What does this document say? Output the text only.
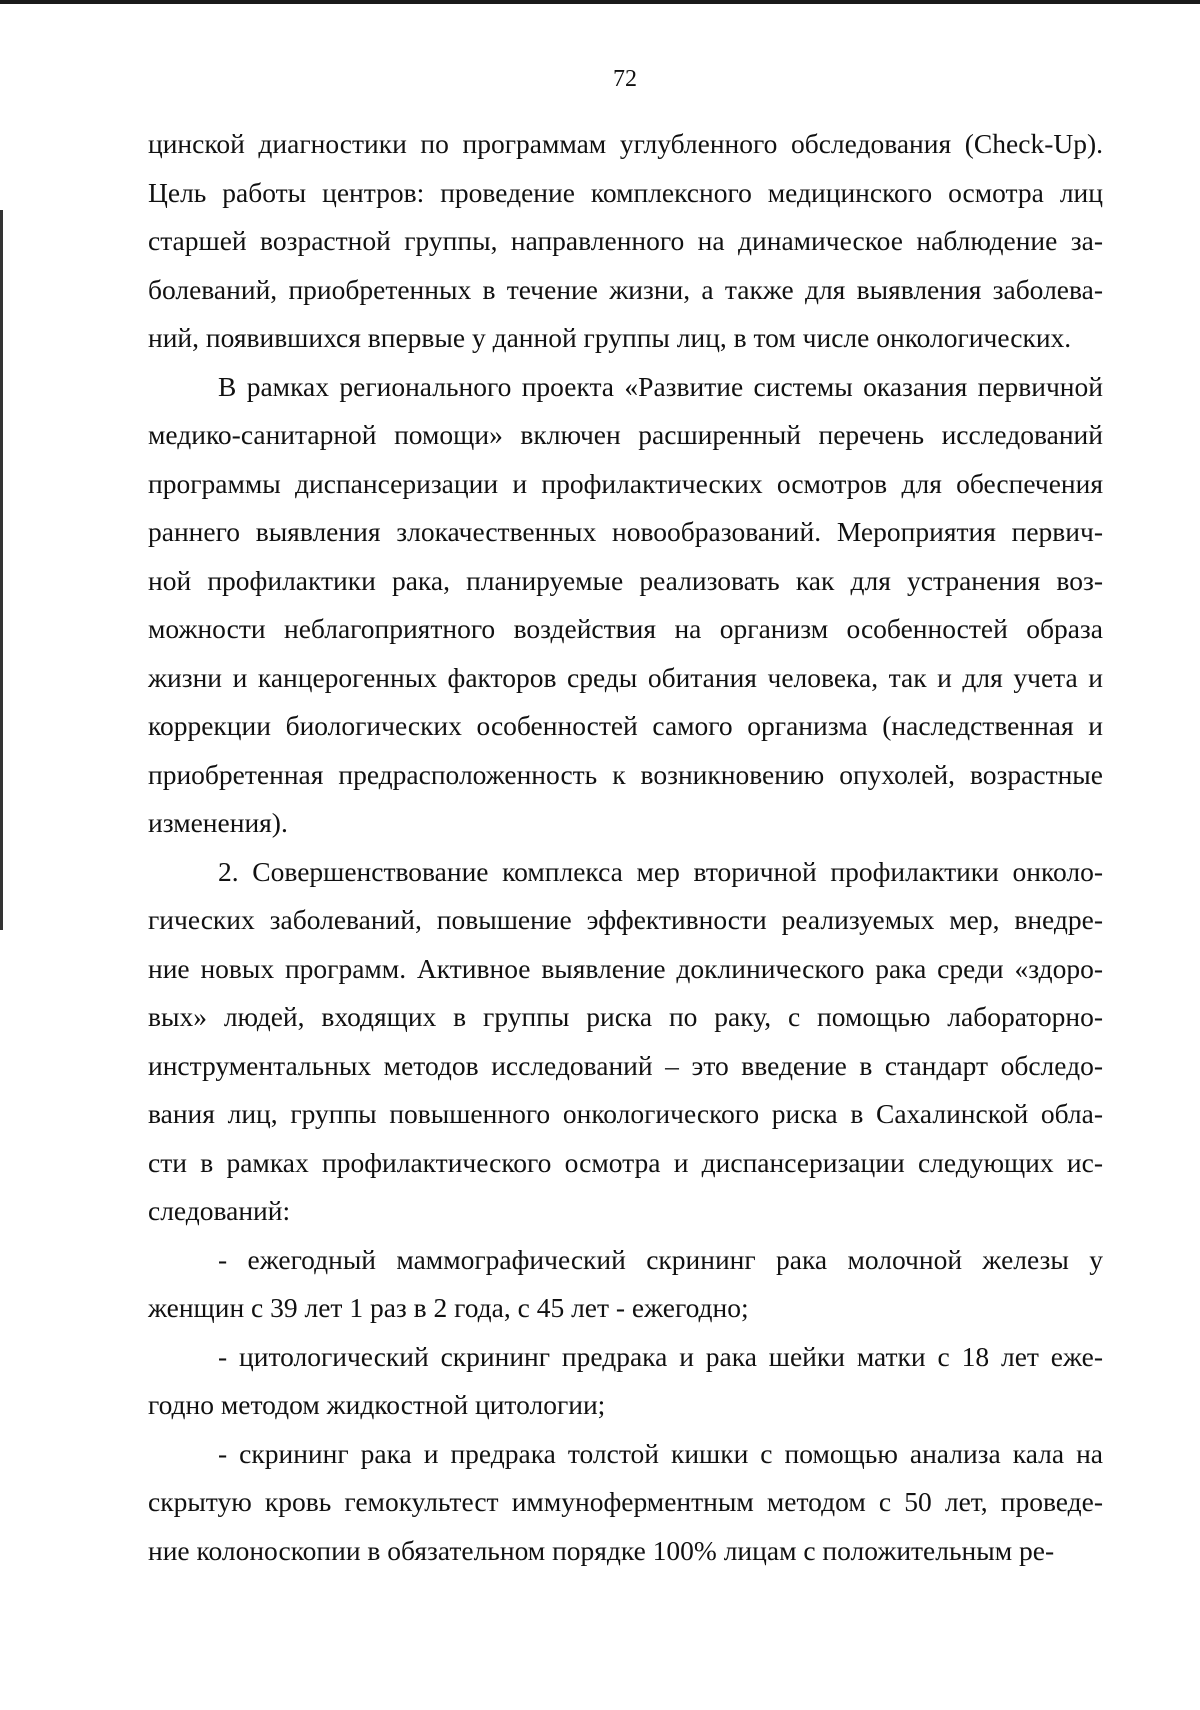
72
цинской диагностики по программам углубленного обследования (Check-Up).
Цель работы центров: проведение комплексного медицинского осмотра лиц
старшей возрастной группы, направленного на динамическое наблюдение за-
болеваний, приобретенных в течение жизни, а также для выявления заболева-
ний, появившихся впервые у данной группы лиц, в том числе онкологических.
В рамках регионального проекта «Развитие системы оказания первичной
медико-санитарной помощи» включен расширенный перечень исследований
программы диспансеризации и профилактических осмотров для обеспечения
раннего выявления злокачественных новообразований. Мероприятия первич-
ной профилактики рака, планируемые реализовать как для устранения воз-
можности неблагоприятного воздействия на организм особенностей образа
жизни и канцерогенных факторов среды обитания человека, так и для учета и
коррекции биологических особенностей самого организма (наследственная и
приобретенная предрасположенность к возникновению опухолей, возрастные
изменения).
2. Совершенствование комплекса мер вторичной профилактики онколо-
гических заболеваний, повышение эффективности реализуемых мер, внедре-
ние новых программ. Активное выявление доклинического рака среди «здоро-
вых» людей, входящих в группы риска по раку, с помощью лабораторно-
инструментальных методов исследований – это введение в стандарт обследо-
вания лиц, группы повышенного онкологического риска в Сахалинской обла-
сти в рамках профилактического осмотра и диспансеризации следующих ис-
следований:
- ежегодный маммографический скрининг рака молочной железы у
женщин с 39 лет 1 раз в 2 года, с 45 лет - ежегодно;
- цитологический скрининг предрака и рака шейки матки с 18 лет еже-
годно методом жидкостной цитологии;
- скрининг рака и предрака толстой кишки с помощью анализа кала на
скрытую кровь гемокультест иммуноферментным методом с 50 лет, проведе-
ние колоноскопии в обязательном порядке 100% лицам с положительным ре-
